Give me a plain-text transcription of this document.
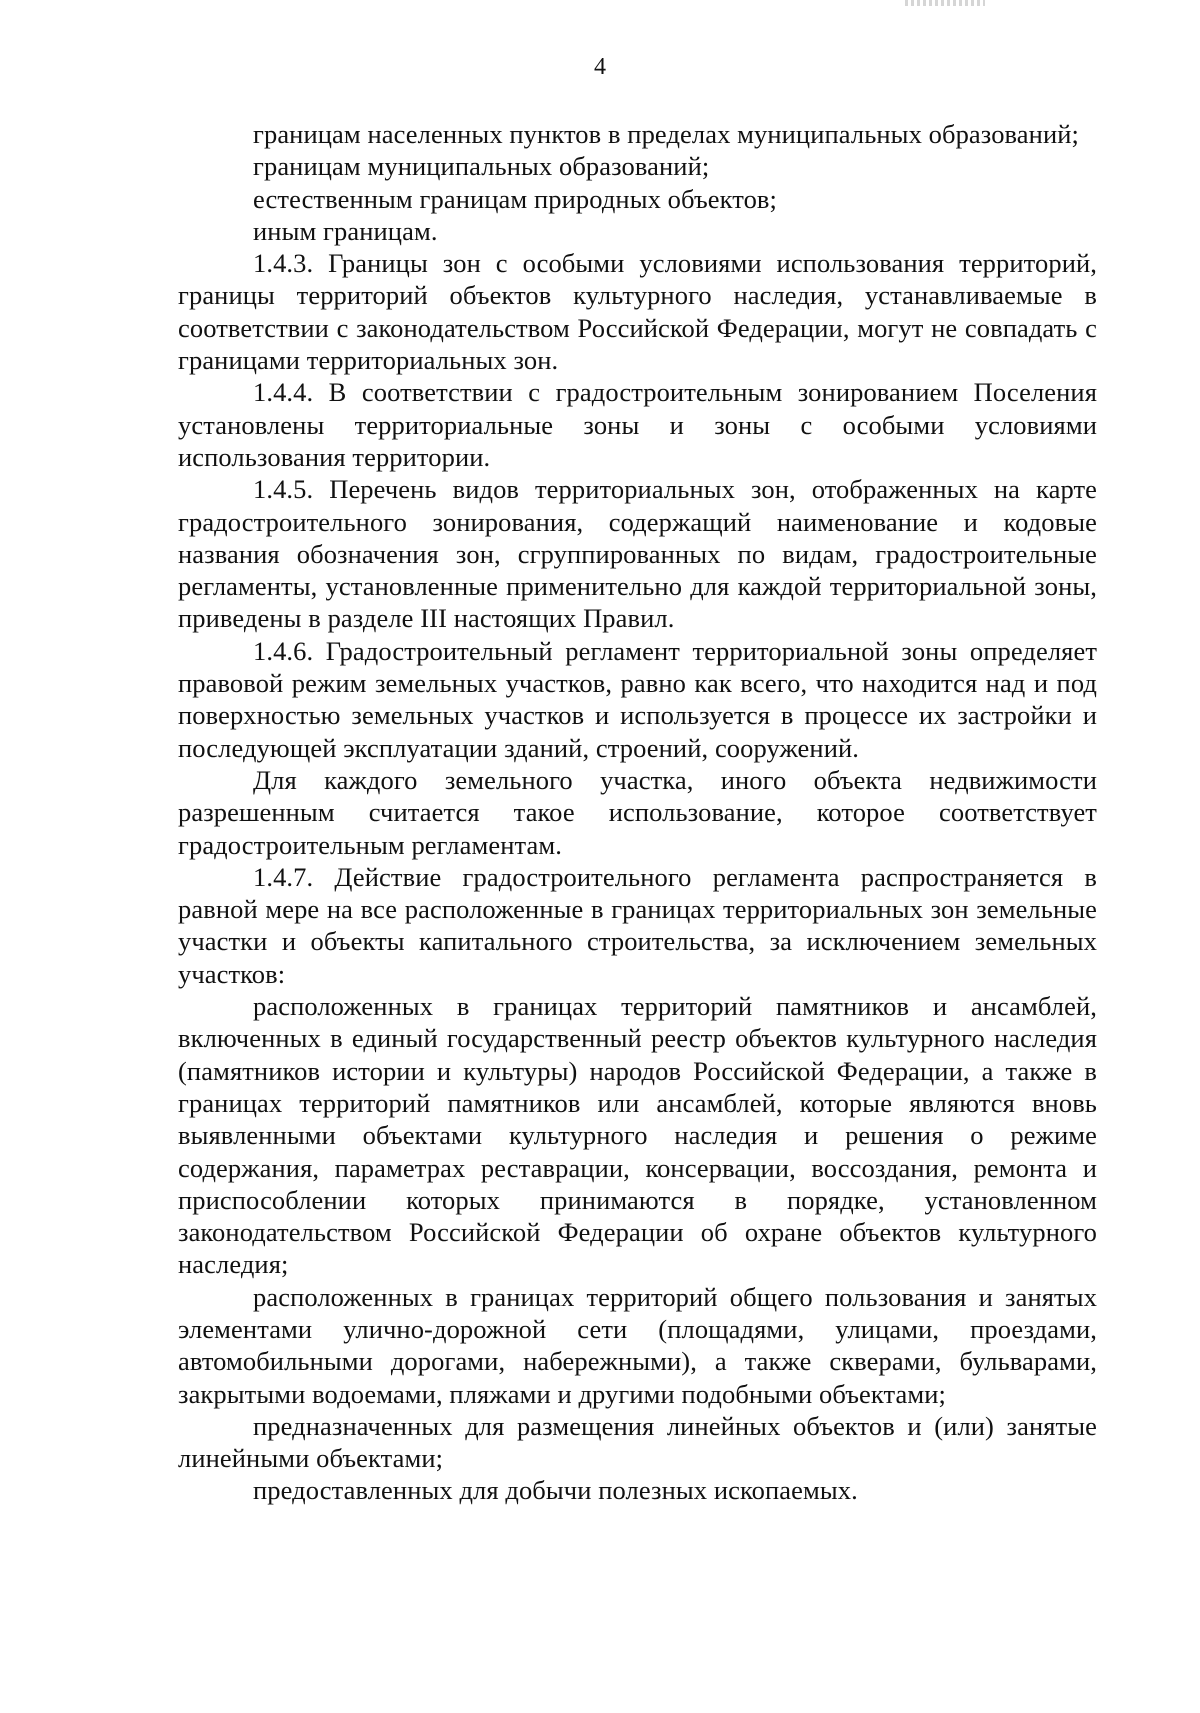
4

границам населенных пунктов в пределах муниципальных образований;

границам муниципальных образований;

естественным границам природных объектов;

иным границам.

1.4.3. Границы зон с особыми условиями использования территорий, границы территорий объектов культурного наследия, устанавливаемые в соответствии с законодательством Российской Федерации, могут не совпадать с границами территориальных зон.

1.4.4. В соответствии с градостроительным зонированием Поселения установлены территориальные зоны и зоны с особыми условиями использования территории.

1.4.5. Перечень видов территориальных зон, отображенных на карте градостроительного зонирования, содержащий наименование и кодовые названия обозначения зон, сгруппированных по видам, градостроительные регламенты, установленные применительно для каждой территориальной зоны, приведены в разделе III настоящих Правил.

1.4.6. Градостроительный регламент территориальной зоны определяет правовой режим земельных участков, равно как всего, что находится над и под поверхностью земельных участков и используется в процессе их застройки и последующей эксплуатации зданий, строений, сооружений.

Для каждого земельного участка, иного объекта недвижимости разрешенным считается такое использование, которое соответствует градостроительным регламентам.

1.4.7. Действие градостроительного регламента распространяется в равной мере на все расположенные в границах территориальных зон земельные участки и объекты капитального строительства, за исключением земельных участков:

расположенных в границах территорий памятников и ансамблей, включенных в единый государственный реестр объектов культурного наследия (памятников истории и культуры) народов Российской Федерации, а также в границах территорий памятников или ансамблей, которые являются вновь выявленными объектами культурного наследия и решения о режиме содержания, параметрах реставрации, консервации, воссоздания, ремонта и приспособлении которых принимаются в порядке, установленном законодательством Российской Федерации об охране объектов культурного наследия;

расположенных в границах территорий общего пользования и занятых элементами улично-дорожной сети (площадями, улицами, проездами, автомобильными дорогами, набережными), а также скверами, бульварами, закрытыми водоемами, пляжами и другими подобными объектами;

предназначенных для размещения линейных объектов и (или) занятые линейными объектами;

предоставленных для добычи полезных ископаемых.
